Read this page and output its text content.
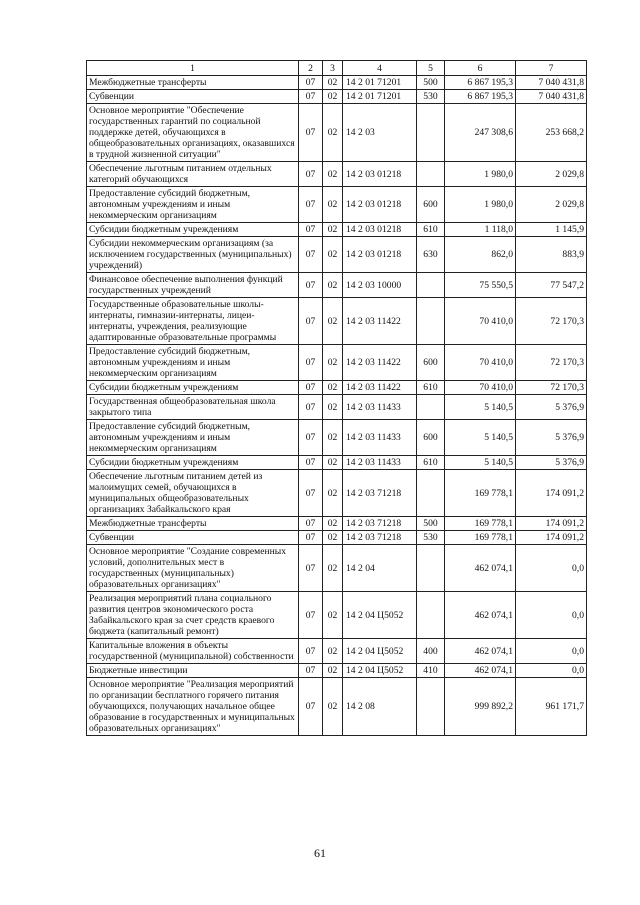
1	2	3	4	5	6	7
Межбюджетные трансферты	07	02	14 2 01 71201	500	6 867 195,3	7 040 431,8
Субвенции	07	02	14 2 01 71201	530	6 867 195,3	7 040 431,8
Основное мероприятие "Обеспечение государственных гарантий по социальной поддержке детей, обучающихся в общеобразовательных организациях, оказавшихся в трудной жизненной ситуации"	07	02	14 2 03		247 308,6	253 668,2
Обеспечение льготным питанием отдельных категорий обучающихся	07	02	14 2 03 01218		1 980,0	2 029,8
Предоставление субсидий бюджетным, автономным учреждениям и иным некоммерческим организациям	07	02	14 2 03 01218	600	1 980,0	2 029,8
Субсидии бюджетным учреждениям	07	02	14 2 03 01218	610	1 118,0	1 145,9
Субсидии некоммерческим организациям (за исключением государственных (муниципальных) учреждений)	07	02	14 2 03 01218	630	862,0	883,9
Финансовое обеспечение выполнения функций государственных учреждений	07	02	14 2 03 10000		75 550,5	77 547,2
Государственные образовательные школы-интернаты, гимназии-интернаты, лицеи-интернаты, учреждения, реализующие адаптированные образовательные программы	07	02	14 2 03 11422		70 410,0	72 170,3
Предоставление субсидий бюджетным, автономным учреждениям и иным некоммерческим организациям	07	02	14 2 03 11422	600	70 410,0	72 170,3
Субсидии бюджетным учреждениям	07	02	14 2 03 11422	610	70 410,0	72 170,3
Государственная общеобразовательная школа закрытого типа	07	02	14 2 03 11433		5 140,5	5 376,9
Предоставление субсидий бюджетным, автономным учреждениям и иным некоммерческим организациям	07	02	14 2 03 11433	600	5 140,5	5 376,9
Субсидии бюджетным учреждениям	07	02	14 2 03 11433	610	5 140,5	5 376,9
Обеспечение льготным питанием детей из малоимущих семей, обучающихся в муниципальных общеобразовательных организациях Забайкальского края	07	02	14 2 03 71218		169 778,1	174 091,2
Межбюджетные трансферты	07	02	14 2 03 71218	500	169 778,1	174 091,2
Субвенции	07	02	14 2 03 71218	530	169 778,1	174 091,2
Основное мероприятие "Создание современных условий, дополнительных мест в государственных (муниципальных) образовательных организациях"	07	02	14 2 04		462 074,1	0,0
Реализация мероприятий плана социального развития центров экономического роста Забайкальского края за счет средств краевого бюджета (капитальный ремонт)	07	02	14 2 04 Ц5052		462 074,1	0,0
Капитальные вложения в объекты государственной (муниципальной) собственности	07	02	14 2 04 Ц5052	400	462 074,1	0,0
Бюджетные инвестиции	07	02	14 2 04 Ц5052	410	462 074,1	0,0
Основное мероприятие "Реализация мероприятий по организации бесплатного горячего питания обучающихся, получающих начальное общее образование в государственных и муниципальных образовательных организациях"	07	02	14 2 08		999 892,2	961 171,7
61
